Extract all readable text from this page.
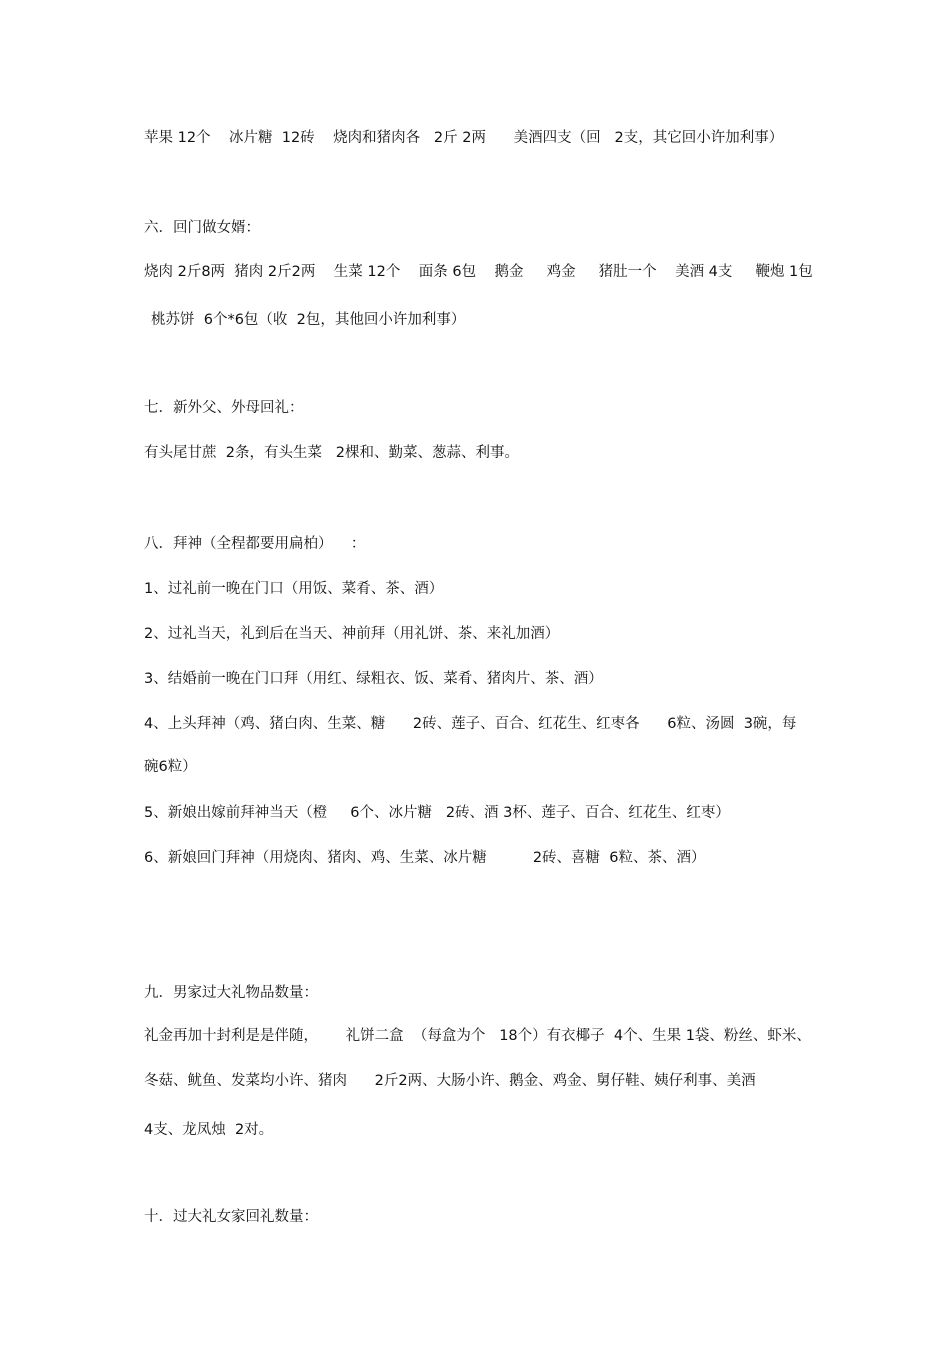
苹果 12个    冰片糖  12砖    烧肉和猪肉各   2斤 2两      美酒四支（回   2支，其它回小许加利事）

六．回门做女婿：

烧肉 2斤8两  猪肉 2斤2两    生菜 12个    面条 6包    鹅金     鸡金     猪肚一个    美酒 4支     鞭炮 1包

桃苏饼  6个*6包（收  2包，其他回小许加利事）

七．新外父、外母回礼：

有头尾甘蔗  2条，有头生菜   2棵和、勤菜、葱蒜、利事。

八．拜神（全程都要用扁柏）    ：

1、过礼前一晚在门口（用饭、菜肴、茶、酒）

2、过礼当天，礼到后在当天、神前拜（用礼饼、茶、来礼加酒）

3、结婚前一晚在门口拜（用红、绿粗衣、饭、菜肴、猪肉片、茶、酒）

4、上头拜神（鸡、猪白肉、生菜、糖      2砖、莲子、百合、红花生、红枣各      6粒、汤圆  3碗，每

碗6粒）

5、新娘出嫁前拜神当天（橙     6个、冰片糖   2砖、酒 3杯、莲子、百合、红花生、红枣）

6、新娘回门拜神（用烧肉、猪肉、鸡、生菜、冰片糖          2砖、喜糖  6粒、茶、酒）

九．男家过大礼物品数量：

礼金再加十封利是是伴随，      礼饼二盒  （每盒为个   18个）有衣椰子  4个、生果 1袋、粉丝、虾米、

冬菇、鱿鱼、发菜均小许、猪肉      2斤2两、大肠小许、鹅金、鸡金、舅仔鞋、姨仔利事、美酒

4支、龙凤烛  2对。

十．过大礼女家回礼数量：
